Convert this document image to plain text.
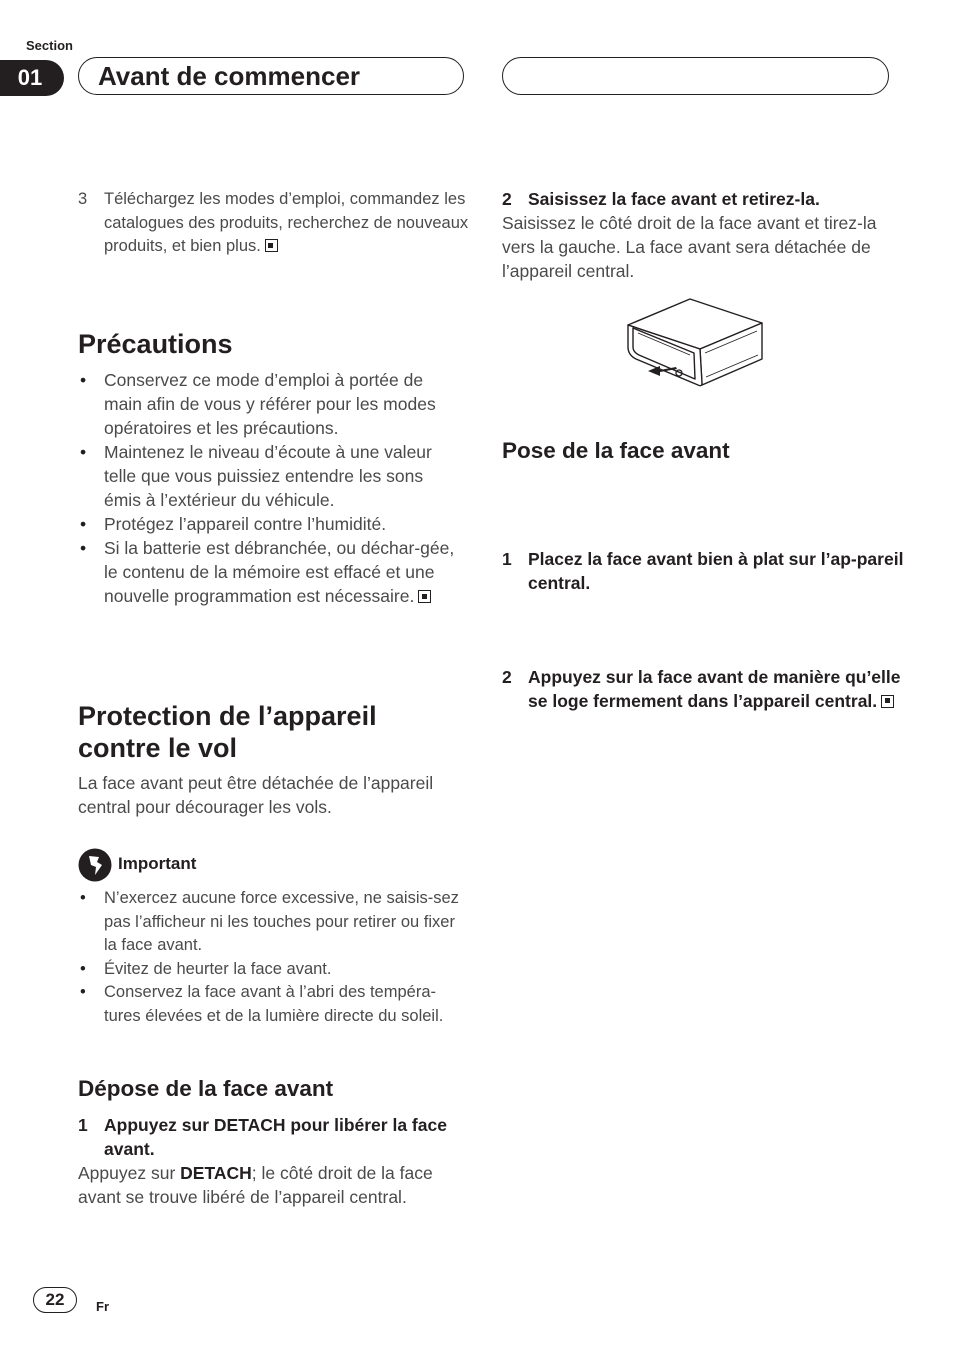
Section
01	Avant de commencer
3 Téléchargez les modes d’emploi, commandez les catalogues des produits, recherchez de nouveaux produits, et bien plus.
Précautions
• Conservez ce mode d’emploi à portée de main afin de vous y référer pour les modes opératoires et les précautions.
• Maintenez le niveau d’écoute à une valeur telle que vous puissiez entendre les sons émis à l’extérieur du véhicule.
• Protégez l’appareil contre l’humidité.
• Si la batterie est débranchée, ou déchar-gée, le contenu de la mémoire est effacé et une nouvelle programmation est nécessaire.
Protection de l’appareil
contre le vol
La face avant peut être détachée de l’appareil central pour décourager les vols.
Important
• N’exercez aucune force excessive, ne saisis-sez pas l’afficheur ni les touches pour retirer ou fixer la face avant.
• Évitez de heurter la face avant.
• Conservez la face avant à l’abri des tempéra-tures élevées et de la lumière directe du soleil.
Dépose de la face avant
1 Appuyez sur DETACH pour libérer la face avant.
Appuyez sur DETACH; le côté droit de la face avant se trouve libéré de l’appareil central.
2 Saisissez la face avant et retirez-la.
Saisissez le côté droit de la face avant et tirez-la vers la gauche. La face avant sera détachée de l’appareil central.
Pose de la face avant
1 Placez la face avant bien à plat sur l’ap-pareil central.
2 Appuyez sur la face avant de manière qu’elle se loge fermement dans l’appareil central.
22	Fr
